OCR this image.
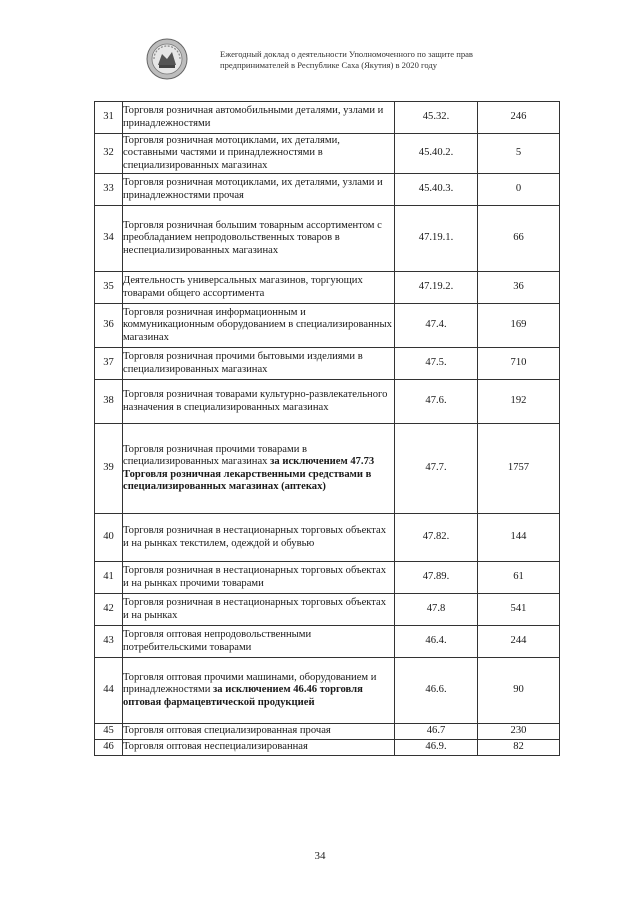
Ежегодный доклад о деятельности Уполномоченного по защите прав
предпринимателей в Республике Саха (Якутия) в 2020 году
31	Торговля розничная автомобильными деталями, узлами и принадлежностями	45.32.	246
32	Торговля розничная мотоциклами, их деталями, составными частями и принадлежностями в специализированных магазинах	45.40.2.	5
33	Торговля розничная мотоциклами, их деталями, узлами и принадлежностями прочая	45.40.3.	0
34	Торговля розничная большим товарным ассортиментом с преобладанием непродовольственных товаров в неспециализированных магазинах	47.19.1.	66
35	Деятельность универсальных магазинов, торгующих товарами общего ассортимента	47.19.2.	36
36	Торговля розничная информационным и коммуникационным оборудованием в специализированных магазинах	47.4.	169
37	Торговля розничная прочими бытовыми изделиями в специализированных магазинах	47.5.	710
38	Торговля розничная товарами культурно-развлекательного назначения в специализированных магазинах	47.6.	192
39	Торговля розничная прочими товарами в специализированных магазинах за исключением 47.73 Торговля розничная лекарственными средствами в специализированных магазинах (аптеках)	47.7.	1757
40	Торговля розничная в нестационарных торговых объектах и на рынках текстилем, одеждой и обувью	47.82.	144
41	Торговля розничная в нестационарных торговых объектах и на рынках прочими товарами	47.89.	61
42	Торговля розничная в нестационарных торговых объектах и на рынках	47.8	541
43	Торговля оптовая непродовольственными потребительскими товарами	46.4.	244
44	Торговля оптовая прочими машинами, оборудованием и принадлежностями за исключением 46.46 торговля оптовая фармацевтической продукцией	46.6.	90
45	Торговля оптовая специализированная прочая	46.7	230
46	Торговля оптовая неспециализированная	46.9.	82
34
